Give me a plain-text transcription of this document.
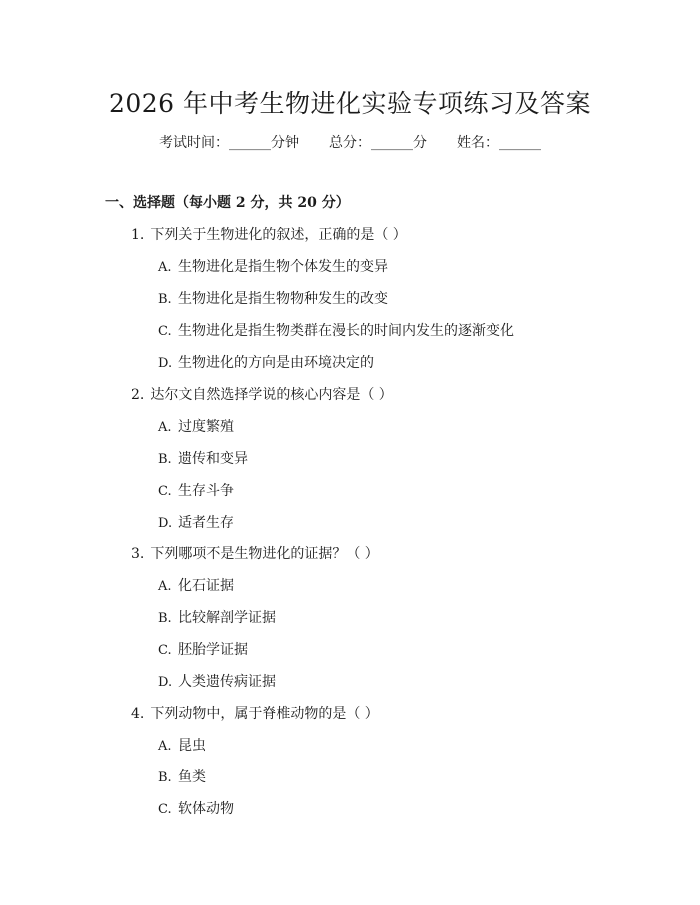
2026 年中考生物进化实验专项练习及答案
考试时间：______分钟 总分：______分 姓名：______
一、选择题（每小题 2 分，共 20 分）
1. 下列关于生物进化的叙述，正确的是（ ）
A. 生物进化是指生物个体发生的变异
B. 生物进化是指生物物种发生的改变
C. 生物进化是指生物类群在漫长的时间内发生的逐渐变化
D. 生物进化的方向是由环境决定的
2. 达尔文自然选择学说的核心内容是（ ）
A. 过度繁殖
B. 遗传和变异
C. 生存斗争
D. 适者生存
3. 下列哪项不是生物进化的证据？（ ）
A. 化石证据
B. 比较解剖学证据
C. 胚胎学证据
D. 人类遗传病证据
4. 下列动物中，属于脊椎动物的是（ ）
A. 昆虫
B. 鱼类
C. 软体动物
